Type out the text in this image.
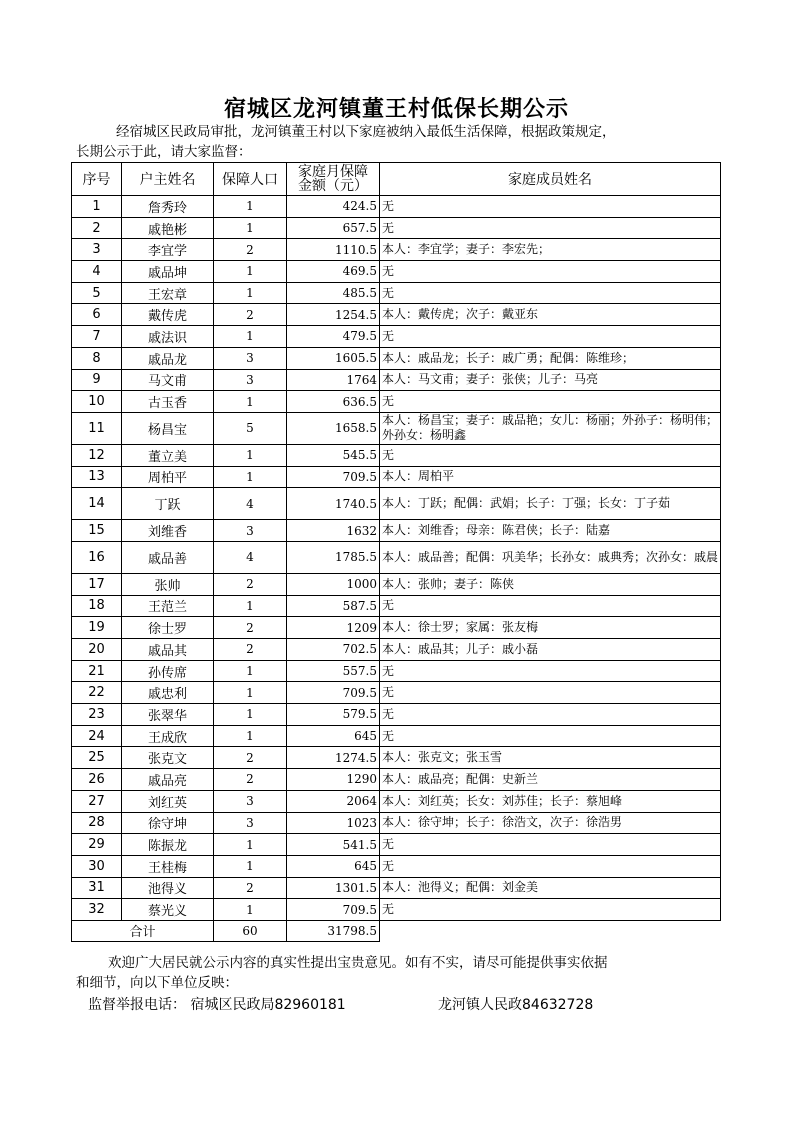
宿城区龙河镇董王村低保长期公示
经宿城区民政局审批，龙河镇董王村以下家庭被纳入最低生活保障，根据政策规定，
长期公示于此，请大家监督：
序号	户主姓名	保障人口	家庭月保障
金额（元）	家庭成员姓名
1	詹秀玲	1	424.5	无
2	戚艳彬	1	657.5	无
3	李宜学	2	1110.5	本人：李宜学；妻子：李宏先；
4	戚品坤	1	469.5	无
5	王宏章	1	485.5	无
6	戴传虎	2	1254.5	本人：戴传虎；次子：戴亚东
7	戚法识	1	479.5	无
8	戚品龙	3	1605.5	本人：戚品龙；长子：戚广勇；配偶：陈维珍；
9	马文甫	3	1764	本人：马文甫；妻子：张侠；儿子：马亮
10	古玉香	1	636.5	无
11	杨昌宝	5	1658.5	本人：杨昌宝；妻子：戚品艳；女儿：杨丽；外孙子：杨明伟；外孙女：杨明鑫
12	董立美	1	545.5	无
13	周柏平	1	709.5	本人：周柏平
14	丁跃	4	1740.5	本人：丁跃；配偶：武娟；长子：丁强；长女：丁子茹
15	刘维香	3	1632	本人：刘维香；母亲：陈君侠；长子：陆嘉
16	戚品善	4	1785.5	本人：戚品善；配偶：巩美华；长孙女：戚典秀；次孙女：戚晨
17	张帅	2	1000	本人：张帅；妻子：陈侠
18	王范兰	1	587.5	无
19	徐士罗	2	1209	本人：徐士罗；家属：张友梅
20	戚品其	2	702.5	本人：戚品其；儿子：戚小磊
21	孙传席	1	557.5	无
22	戚忠利	1	709.5	无
23	张翠华	1	579.5	无
24	王成欣	1	645	无
25	张克文	2	1274.5	本人：张克文；张玉雪
26	戚品亮	2	1290	本人：戚品亮；配偶：史新兰
27	刘红英	3	2064	本人：刘红英；长女：刘苏佳；长子：蔡旭峰
28	徐守坤	3	1023	本人：徐守坤；长子：徐浩文，次子：徐浩男
29	陈振龙	1	541.5	无
30	王桂梅	1	645	无
31	池得义	2	1301.5	本人：池得义；配偶：刘金美
32	蔡光义	1	709.5	无
合计		60	31798.5	
欢迎广大居民就公示内容的真实性提出宝贵意见。如有不实，请尽可能提供事实依据
和细节，向以下单位反映：
监督举报电话： 宿城区民政局82960181	龙河镇人民政84632728
